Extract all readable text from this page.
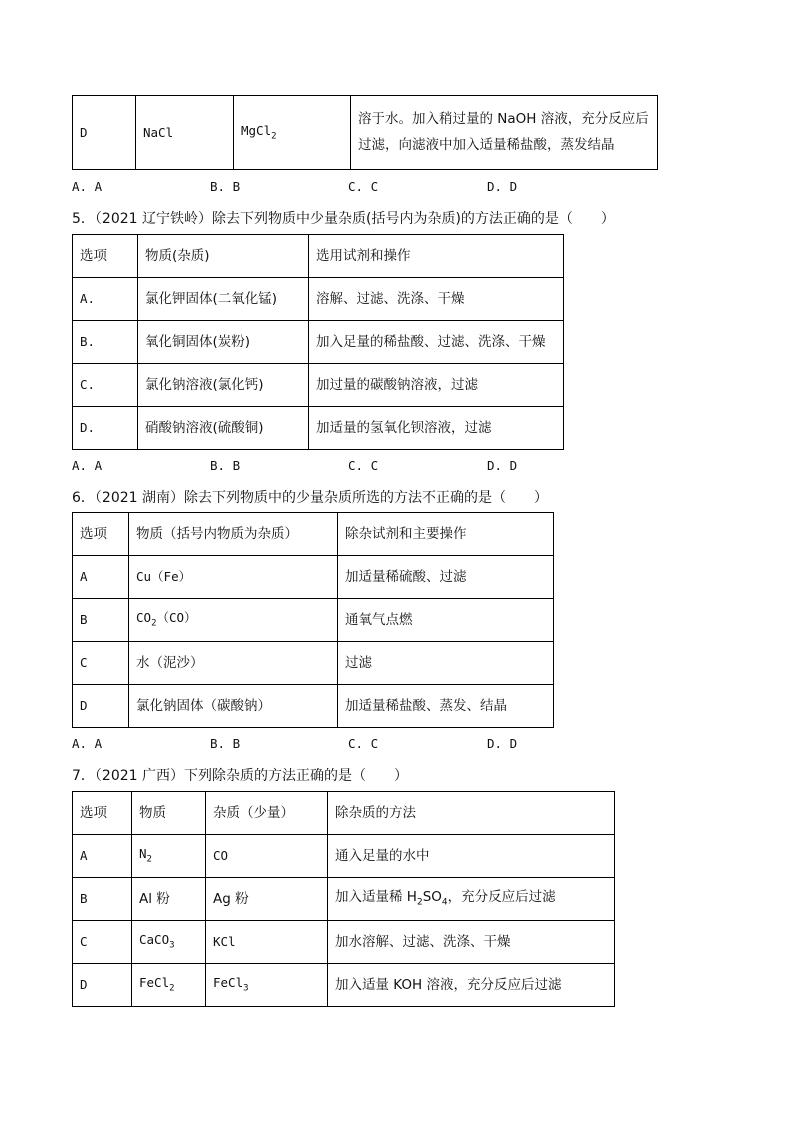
D	NaCl	MgCl$_2$	
溶于水。加入稍过量的 NaOH 溶液，充分反应后
过滤，向滤液中加入适量稀盐酸，蒸发结晶
A. A	B. B	C. C	D. D
5．（2021 辽宁铁岭）除去下列物质中少量杂质(括号内为杂质)的方法正确的是（　　）
选项	物质(杂质)	选用试剂和操作
A.	氯化钾固体(二氧化锰)	溶解、过滤、洗涤、干燥
B.	氧化铜固体(炭粉)	加入足量的稀盐酸、过滤、洗涤、干燥
C.	氯化钠溶液(氯化钙)	加过量的碳酸钠溶液，过滤
D.	硝酸钠溶液(硫酸铜)	加适量的氢氧化钡溶液，过滤
A. A	B. B	C. C	D. D
6．（2021 湖南）除去下列物质中的少量杂质所选的方法不正确的是（　　）
选项	物质（括号内物质为杂质）	除杂试剂和主要操作
A	Cu（Fe）	加适量稀硫酸、过滤
B	$CO_2(CO)$	通氧气点燃
C	水（泥沙）	过滤
D	氯化钠固体（碳酸钠）	加适量稀盐酸、蒸发、结晶
A. A	B. B	C. C	D. D
7．（2021 广西）下列除杂质的方法正确的是（　　）
选项	物质	杂质（少量）	除杂质的方法
A	$N_2$	CO	通入足量的水中
B	Al 粉	Ag 粉	加入适量稀 $H_2SO_4$，充分反应后过滤
C	CaCO$_3$	KCl	加水溶解、过滤、洗涤、干燥
D	FeCl$_2$	FeCl$_3$	加入适量 KOH 溶液，充分反应后过滤
